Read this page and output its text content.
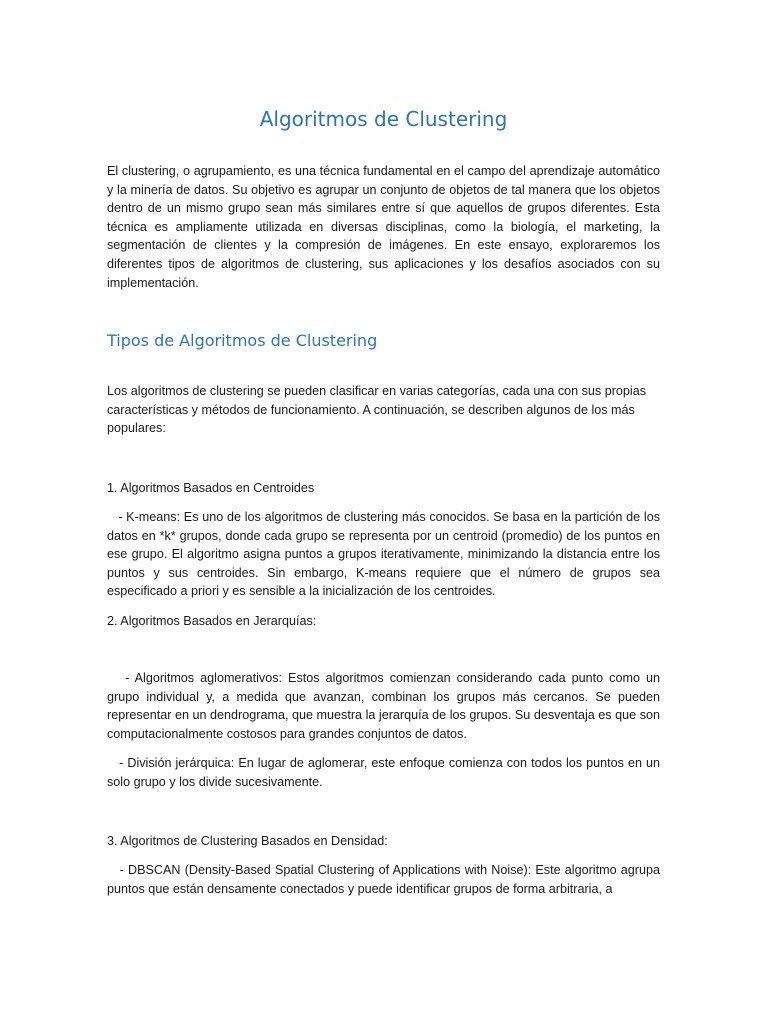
Algoritmos de Clustering

El clustering, o agrupamiento, es una técnica fundamental en el campo del aprendizaje automático y la minería de datos. Su objetivo es agrupar un conjunto de objetos de tal manera que los objetos dentro de un mismo grupo sean más similares entre sí que aquellos de grupos diferentes. Esta técnica es ampliamente utilizada en diversas disciplinas, como la biología, el marketing, la segmentación de clientes y la compresión de imágenes. En este ensayo, exploraremos los diferentes tipos de algoritmos de clustering, sus aplicaciones y los desafíos asociados con su implementación.

Tipos de Algoritmos de Clustering

Los algoritmos de clustering se pueden clasificar en varias categorías, cada una con sus propias características y métodos de funcionamiento. A continuación, se describen algunos de los más populares:

1. Algoritmos Basados en Centroides

- K-means: Es uno de los algoritmos de clustering más conocidos. Se basa en la partición de los datos en *k* grupos, donde cada grupo se representa por un centroid (promedio) de los puntos en ese grupo. El algoritmo asigna puntos a grupos iterativamente, minimizando la distancia entre los puntos y sus centroides. Sin embargo, K-means requiere que el número de grupos sea especificado a priori y es sensible a la inicialización de los centroides.

2. Algoritmos Basados en Jerarquías:

- Algoritmos aglomerativos: Estos algoritmos comienzan considerando cada punto como un grupo individual y, a medida que avanzan, combinan los grupos más cercanos. Se pueden representar en un dendrograma, que muestra la jerarquía de los grupos. Su desventaja es que son computacionalmente costosos para grandes conjuntos de datos.

- División jerárquica: En lugar de aglomerar, este enfoque comienza con todos los puntos en un solo grupo y los divide sucesivamente.

3. Algoritmos de Clustering Basados en Densidad:

- DBSCAN (Density-Based Spatial Clustering of Applications with Noise): Este algoritmo agrupa puntos que están densamente conectados y puede identificar grupos de forma arbitraria, a
